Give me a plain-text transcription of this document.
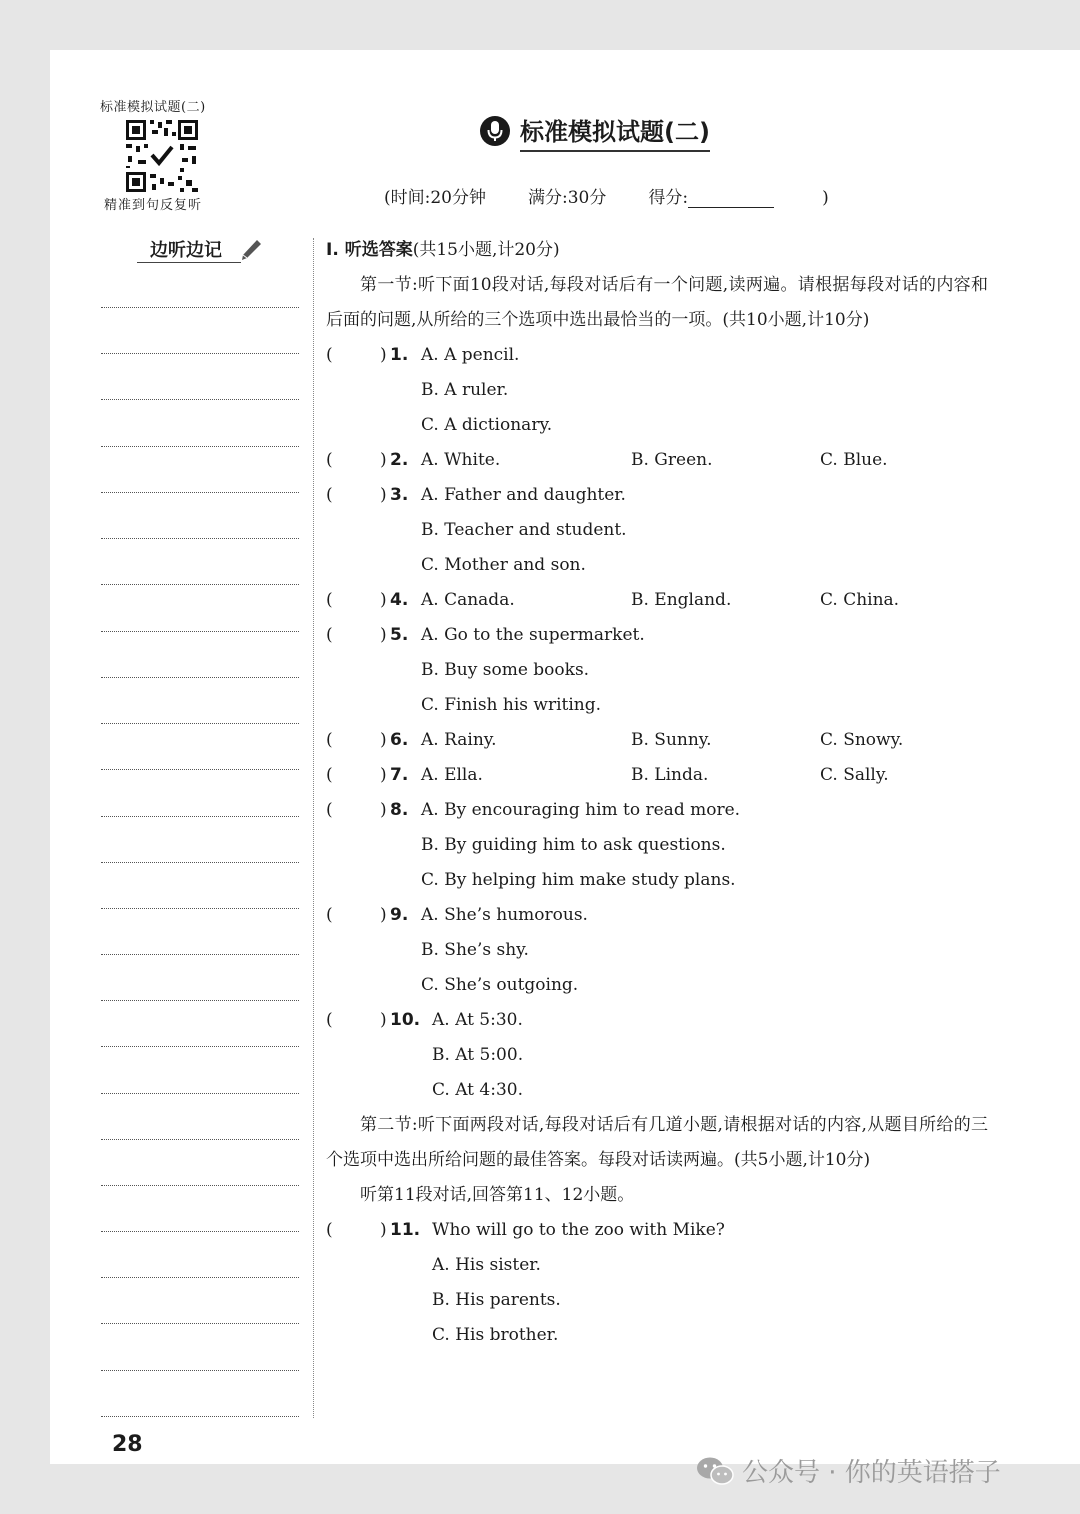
标准模拟试题(二)
精准到句反复听
标准模拟试题(二)
(时间:20分钟 满分:30分 得分:	)
边听边记	Ⅰ. 听选答案(共15小题,计20分)

第一节:听下面10段对话,每段对话后有一个问题,读两遍。请根据每段对话的内容和后面的问题,从所给的三个选项中选出最恰当的一项。(共10小题,计10分)

(	) 1. A. A pencil.
B. A ruler.
C. A dictionary.
(	) 2. A. White.	B. Green.	C. Blue.
(	) 3. A. Father and daughter.
B. Teacher and student.
C. Mother and son.
(	) 4. A. Canada.	B. England.	C. China.
(	) 5. A. Go to the supermarket.
B. Buy some books.
C. Finish his writing.
(	) 6. A. Rainy.	B. Sunny.	C. Snowy.
(	) 7. A. Ella.	B. Linda.	C. Sally.
(	) 8. A. By encouraging him to read more.
B. By guiding him to ask questions.
C. By helping him make study plans.
(	) 9. A. She’s humorous.
B. She’s shy.
C. She’s outgoing.
(	) 10. A. At 5:30.
B. At 5:00.
C. At 4:30.

第二节:听下面两段对话,每段对话后有几道小题,请根据对话的内容,从题目所给的三个选项中选出所给问题的最佳答案。每段对话读两遍。(共5小题,计10分)

听第11段对话,回答第11、12小题。

(	) 11. Who will go to the zoo with Mike?
A. His sister.
B. His parents.
C. His brother.
28
公众号 · 你的英语搭子
